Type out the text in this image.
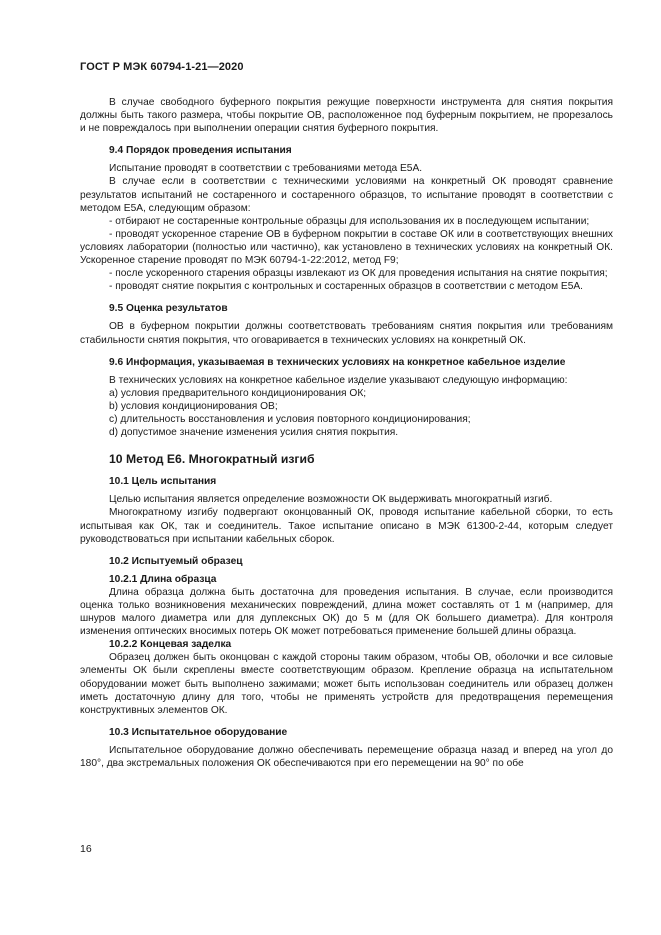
ГОСТ Р МЭК 60794-1-21—2020

В случае свободного буферного покрытия режущие поверхности инструмента для снятия покрытия должны быть такого размера, чтобы покрытие ОВ, расположенное под буферным покрытием, не прорезалось и не повреждалось при выполнении операции снятия буферного покрытия.

9.4 Порядок проведения испытания

Испытание проводят в соответствии с требованиями метода Е5А.

В случае если в соответствии с техническими условиями на конкретный ОК проводят сравнение результатов испытаний не состаренного и состаренного образцов, то испытание проводят в соответствии с методом Е5А, следующим образом:

- отбирают не состаренные контрольные образцы для использования их в последующем испытании;

- проводят ускоренное старение ОВ в буферном покрытии в составе ОК или в соответствующих внешних условиях лаборатории (полностью или частично), как установлено в технических условиях на конкретный ОК. Ускоренное старение проводят по МЭК 60794-1-22:2012, метод F9;

- после ускоренного старения образцы извлекают из ОК для проведения испытания на снятие покрытия;

- проводят снятие покрытия с контрольных и состаренных образцов в соответствии с методом Е5А.

9.5 Оценка результатов

ОВ в буферном покрытии должны соответствовать требованиям снятия покрытия или требованиям стабильности снятия покрытия, что оговаривается в технических условиях на конкретный ОК.

9.6 Информация, указываемая в технических условиях на конкретное кабельное изделие

В технических условиях на конкретное кабельное изделие указывают следующую информацию:

а) условия предварительного кондиционирования ОК;

b) условия кондиционирования ОВ;

c) длительность восстановления и условия повторного кондиционирования;

d) допустимое значение изменения усилия снятия покрытия.

10 Метод Е6. Многократный изгиб
10.1 Цель испытания

Целью испытания является определение возможности ОК выдерживать многократный изгиб.

Многократному изгибу подвергают оконцованный ОК, проводя испытание кабельной сборки, то есть испытывая как ОК, так и соединитель. Такое испытание описано в МЭК 61300-2-44, которым следует руководствоваться при испытании кабельных сборок.

10.2 Испытуемый образец
10.2.1 Длина образца

Длина образца должна быть достаточна для проведения испытания. В случае, если производится оценка только возникновения механических повреждений, длина может составлять от 1 м (например, для шнуров малого диаметра или для дуплексных ОК) до 5 м (для ОК большего диаметра). Для контроля изменения оптических вносимых потерь ОК может потребоваться применение большей длины образца.

10.2.2 Концевая заделка

Образец должен быть оконцован с каждой стороны таким образом, чтобы ОВ, оболочки и все силовые элементы ОК были скреплены вместе соответствующим образом. Крепление образца на испытательном оборудовании может быть выполнено зажимами; может быть использован соединитель или образец должен иметь достаточную длину для того, чтобы не применять устройств для предотвращения перемещения конструктивных элементов ОК.

10.3 Испытательное оборудование

Испытательное оборудование должно обеспечивать перемещение образца назад и вперед на угол до 180°, два экстремальных положения ОК обеспечиваются при его перемещении на 90° по обе

16
